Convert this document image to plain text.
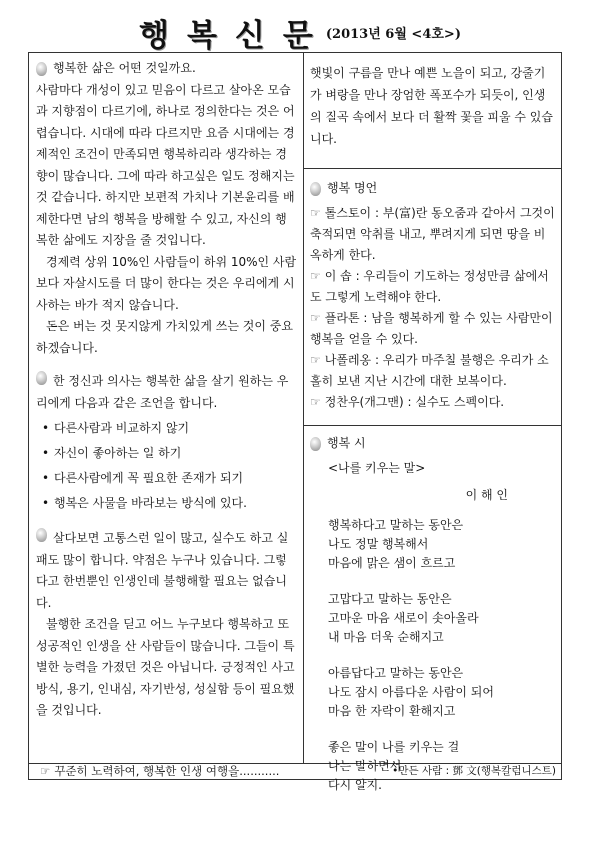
행복신문 (2013년 6월 <4호>)
행복한 삶은 어떤 것일까요.

사람마다 개성이 있고 믿음이 다르고 살아온 모습과 지향점이 다르기에, 하나로 정의한다는 것은 어렵습니다. 시대에 따라 다르지만 요즘 시대에는 경제적인 조건이 만족되면 행복하리라 생각하는 경향이 많습니다. 그에 따라 하고싶은 일도 정해지는 것 같습니다. 하지만 보편적 가치나 기본윤리를 배제한다면 남의 행복을 방해할 수 있고, 자신의 행복한 삶에도 지장을 줄 것입니다.

경제력 상위 10%인 사람들이 하위 10%인 사람보다 자살시도를 더 많이 한다는 것은 우리에게 시사하는 바가 적지 않습니다.

돈은 버는 것 못지않게 가치있게 쓰는 것이 중요하겠습니다.

한 정신과 의사는 행복한 삶을 살기 원하는 우리에게 다음과 같은 조언을 합니다.

• 다른사람과 비교하지 않기
• 자신이 좋아하는 일 하기
• 다른사람에게 꼭 필요한 존재가 되기
• 행복은 사물을 바라보는 방식에 있다.

살다보면 고통스런 일이 많고, 실수도 하고 실패도 많이 합니다. 약점은 누구나 있습니다. 그렇다고 한번뿐인 인생인데 불행해할 필요는 없습니다.

불행한 조건을 딛고 어느 누구보다 행복하고 또 성공적인 인생을 산 사람들이 많습니다. 그들이 특별한 능력을 가졌던 것은 아닙니다. 긍정적인 사고방식, 용기, 인내심, 자기반성, 성실함 등이 필요했을 것입니다.

햇빛이 구름을 만나 예쁜 노을이 되고, 강줄기가 벼랑을 만나 장엄한 폭포수가 되듯이, 인생의 질곡 속에서 보다 더 활짝 꽃을 피울 수 있습니다.

행복 명언

☞ 톨스토이 : 부(富)란 동오줌과 같아서 그것이 축적되면 악취를 내고, 뿌려지게 되면 땅을 비옥하게 한다.

☞ 이 솝 : 우리들이 기도하는 정성만큼 삶에서도 그렇게 노력해야 한다.

☞ 플라톤 : 남을 행복하게 할 수 있는 사람만이 행복을 얻을 수 있다.

☞ 나폴레옹 : 우리가 마주칠 불행은 우리가 소홀히 보낸 지난 시간에 대한 보복이다.

☞ 정찬우(개그맨) : 실수도 스펙이다.

행복 시

<나를 키우는 말>

이 해 인

행복하다고 말하는 동안은

나도 정말 행복해서

마음에 맑은 샘이 흐르고

고맙다고 말하는 동안은

고마운 마음 새로이 솟아올라

내 마음 더욱 순해지고

아름답다고 말하는 동안은

나도 잠시 아름다운 사람이 되어

마음 한 자락이 환해지고

좋은 말이 나를 키우는 걸

나는 말하면서

다시 알지.

☞ 꾸준히 노력하여, 행복한 인생 여행을...........	•만든 사람 : 鄧 文(행복칼럼니스트)
